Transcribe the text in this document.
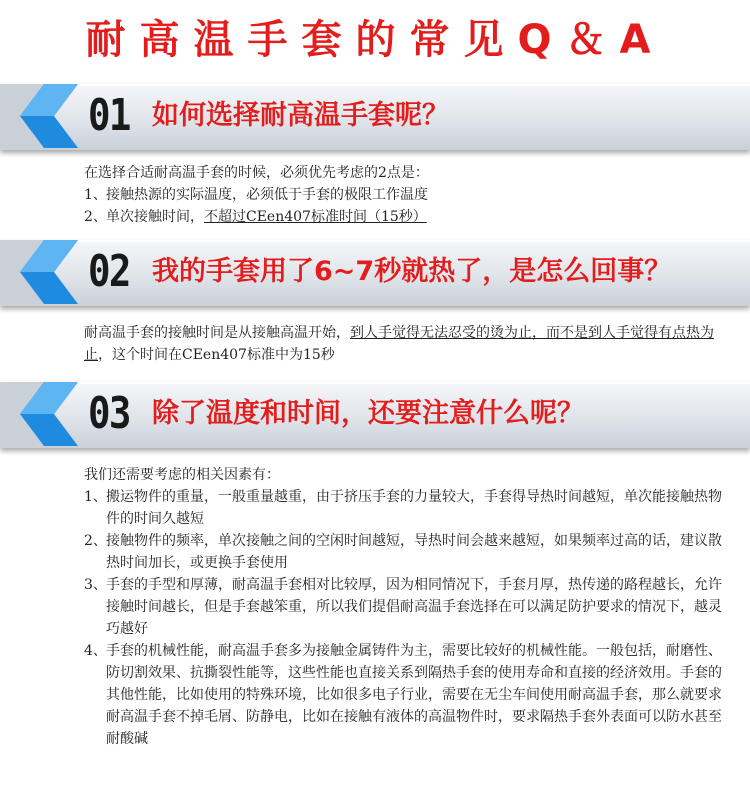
耐高温手套的常见Q＆A
01 如何选择耐高温手套呢？

在选择合适耐高温手套的时候，必须优先考虑的2点是：

1、 接触热源的实际温度，必须低于手套的极限工作温度
2、 单次接触时间，不超过CEen407标准时间（15秒）
02 我的手套用了6~7秒就热了，是怎么回事？

耐高温手套的接触时间是从接触高温开始，到人手觉得无法忍受的烫为止，而不是到人手觉得有点热为止，这个时间在CEen407标准中为15秒

03 除了温度和时间，还要注意什么呢？

我们还需要考虑的相关因素有：

1、 搬运物件的重量，一般重量越重，由于挤压手套的力量较大，手套得导热时间越短，单次能接触热物件的时间久越短
2、 接触物件的频率，单次接触之间的空闲时间越短，导热时间会越来越短，如果频率过高的话，建议散热时间加长，或更换手套使用
3、 手套的手型和厚薄，耐高温手套相对比较厚，因为相同情况下，手套月厚，热传递的路程越长，允许接触时间越长，但是手套越笨重，所以我们提倡耐高温手套选择在可以满足防护要求的情况下，越灵巧越好
4、 手套的机械性能，耐高温手套多为接触金属铸件为主，需要比较好的机械性能。一般包括，耐磨性、防切割效果、抗撕裂性能等，这些性能也直接关系到隔热手套的使用寿命和直接的经济效用。手套的其他性能，比如使用的特殊环境，比如很多电子行业，需要在无尘车间使用耐高温手套，那么就要求耐高温手套不掉毛屑、防静电，比如在接触有液体的高温物件时，要求隔热手套外表面可以防水甚至耐酸碱
